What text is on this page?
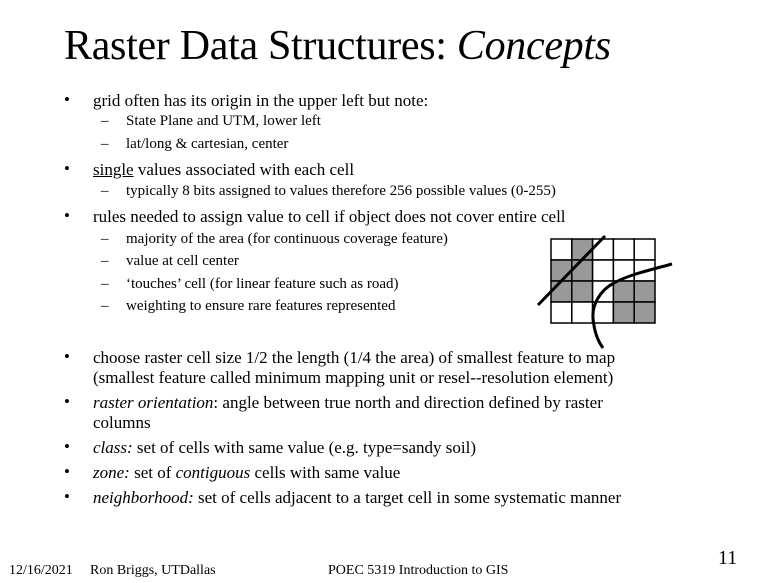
Raster Data Structures: Concepts
• grid often has its origin in the upper left but note:
– State Plane and UTM, lower left
– lat/long & cartesian, center
• single values associated with each cell
– typically 8 bits assigned to values therefore 256 possible values (0-255)
• rules needed to assign value to cell if object does not cover entire cell
– majority of the area (for continuous coverage feature)
– value at cell center
– ‘touches’ cell (for linear feature such as road)
– weighting to ensure rare features represented
• choose raster cell size 1/2 the length (1/4 the area) of smallest feature to map
(smallest feature called minimum mapping unit or resel--resolution element)
• raster orientation: angle between true north and direction defined by raster
columns
• class: set of cells with same value (e.g. type=sandy soil)
• zone: set of contiguous cells with same value
• neighborhood: set of cells adjacent to a target cell in some systematic manner
12/16/2021 Ron Briggs, UTDallas	POEC 5319 Introduction to GIS
11
